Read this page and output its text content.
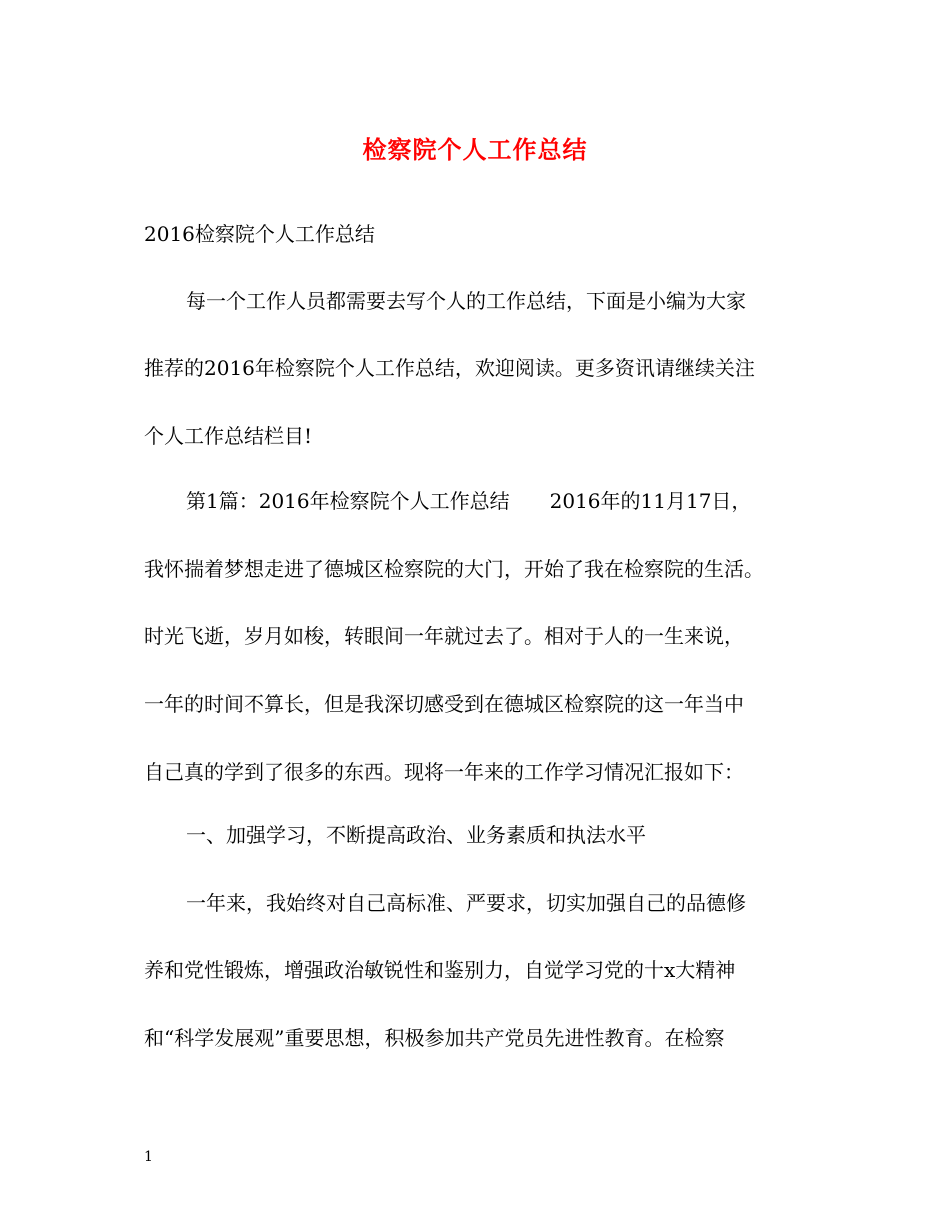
检察院个人工作总结
2016检察院个人工作总结
每一个工作人员都需要去写个人的工作总结，下面是小编为大家
推荐的2016年检察院个人工作总结，欢迎阅读。更多资讯请继续关注
个人工作总结栏目!
第1篇：2016年检察院个人工作总结　　2016年的11月17日，
我怀揣着梦想走进了德城区检察院的大门，开始了我在检察院的生活。
时光飞逝，岁月如梭，转眼间一年就过去了。相对于人的一生来说，
一年的时间不算长，但是我深切感受到在德城区检察院的这一年当中
自己真的学到了很多的东西。现将一年来的工作学习情况汇报如下：
一、加强学习，不断提高政治、业务素质和执法水平
一年来，我始终对自己高标准、严要求，切实加强自己的品德修
养和党性锻炼，增强政治敏锐性和鉴别力，自觉学习党的十x大精神
和“科学发展观”重要思想，积极参加共产党员先进性教育。在检察
1
